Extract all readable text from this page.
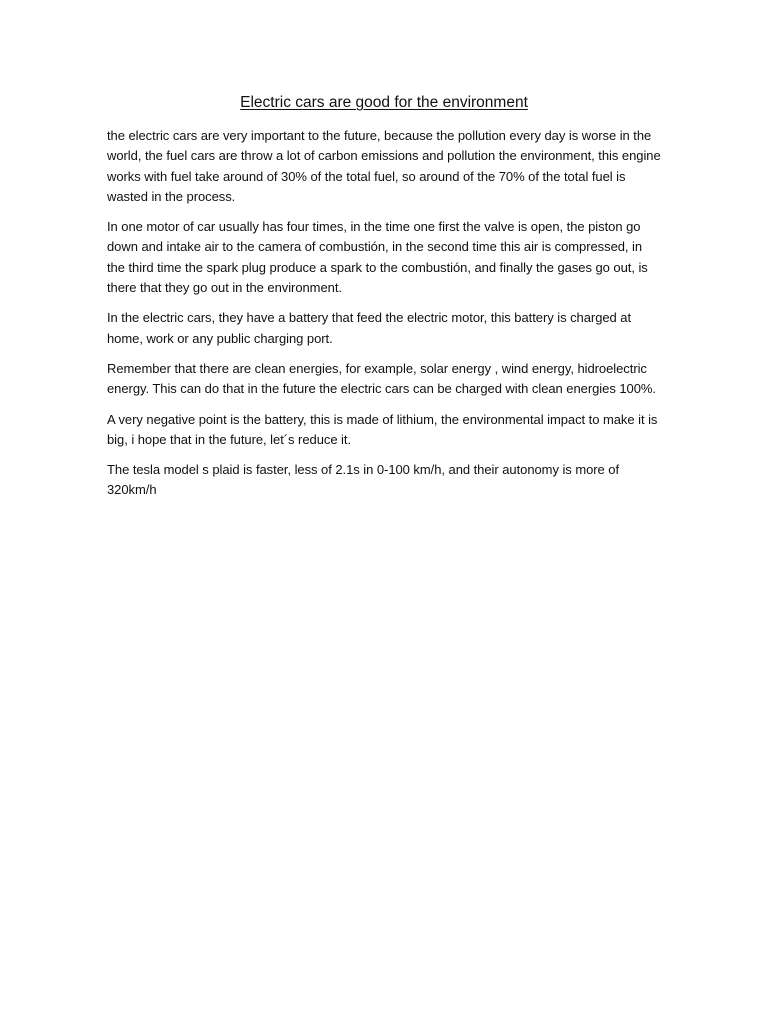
Electric cars are good for the environment

the electric cars are very important to the future, because the pollution every day is worse in the world, the fuel cars are throw a lot of carbon emissions and pollution the environment, this engine works with fuel take around of 30% of the total fuel, so around of the 70% of the total fuel is wasted in the process.

In one motor of car usually has four times, in the time one first the valve is open, the piston go down and intake air to the camera of combustión, in the second time this air is compressed, in the third time the spark plug produce a spark to the combustión, and finally the gases go out, is there that they go out in the environment.

In the electric cars, they have a battery that feed the electric motor, this battery is charged at home, work or any public charging port.

Remember that there are clean energies, for example, solar energy , wind energy, hidroelectric energy. This can do that in the future the electric cars can be charged with clean energies 100%.

A very negative point is the battery, this is made of lithium, the environmental impact to make it is big, i hope that in the future, let´s reduce it.

The tesla model s plaid is faster, less of 2.1s in 0-100 km/h, and their autonomy is more of 320km/h
